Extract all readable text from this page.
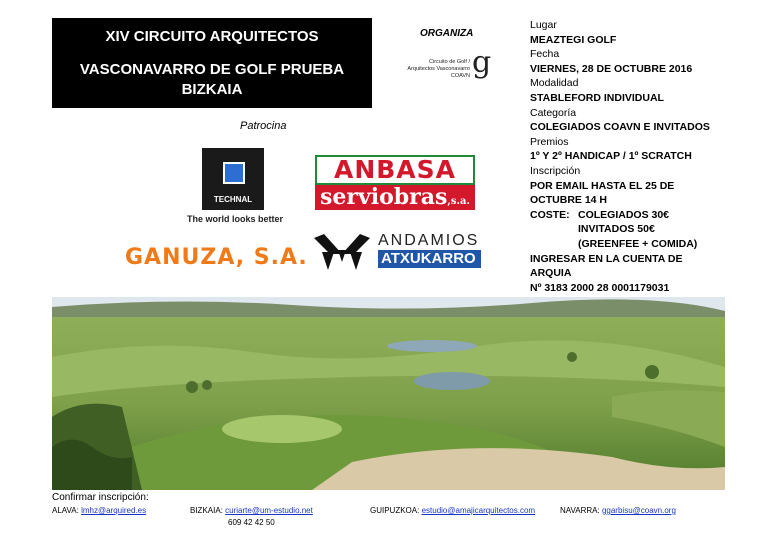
XIV CIRCUITO ARQUITECTOS
VASCONAVARRO DE GOLF PRUEBA
BIZKAIA
ORGANIZA
Circuito de Golf /
Arquitectos Vasconavarro
COAVN g
Lugar
MEAZTEGI GOLF
Fecha
VIERNES, 28 DE OCTUBRE 2016
Modalidad
STABLEFORD INDIVIDUAL
Categoría
COLEGIADOS COAVN E INVITADOS
Premios
1º Y 2º HANDICAP / 1º SCRATCH
Inscripción
POR EMAIL HASTA EL 25 DE
OCTUBRE 14 H
COSTE: COLEGIADOS 30€
INVITADOS 50€
(GREENFEE + COMIDA)
INGRESAR EN LA CUENTA DE
ARQUIA
Nº 3183 2000 28 0001179031
Patrocina
TECHNAL
The world looks better
ANBASA
serviobras,s.a.
GANUZA, S.A.
ANDAMIOS
ATXUKARRO S.A
Confirmar inscripción:
ALAVA: lmhz@arquired.es	BIZKAIA: curiarte@um-estudio.net	GUIPUZKOA: estudio@amajicarquitectos.com	NAVARRA: ggarbisu@coavn.org
609 42 42 50
